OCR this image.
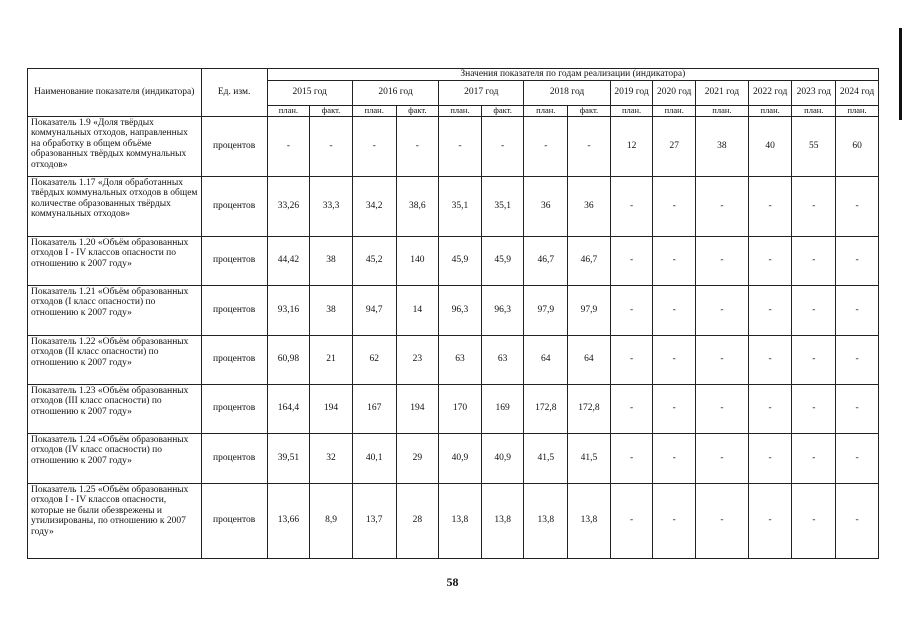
Наименование показателя (индикатора)	Ед. изм.	Значения показателя по годам реализации (индикатора)													
		2015 год		2016 год		2017 год		2018 год		2019 год	2020 год	2021 год	2022 год	2023 год	2024 год
		план.	факт.	план.	факт.	план.	факт.	план.	факт.	план.	план.	план.	план.	план.	план.
Показатель 1.9 «Доля твёрдых коммунальных отходов, направленных на обработку в общем объёме образованных твёрдых коммунальных отходов»	процентов	-	-	-	-	-	-	-	-	12	27	38	40	55	60
Показатель 1.17 «Доля обработанных твёрдых коммунальных отходов в общем количестве образованных твёрдых коммунальных отходов»	процентов	33,26	33,3	34,2	38,6	35,1	35,1	36	36	-	-	-	-	-	-
Показатель 1.20 «Объём образованных отходов I - IV классов опасности по отношению к 2007 году»	процентов	44,42	38	45,2	140	45,9	45,9	46,7	46,7	-	-	-	-	-	-
Показатель 1.21 «Объём образованных отходов (I класс опасности) по отношению к 2007 году»	процентов	93,16	38	94,7	14	96,3	96,3	97,9	97,9	-	-	-	-	-	-
Показатель 1.22 «Объём образованных отходов (II класс опасности) по отношению к 2007 году»	процентов	60,98	21	62	23	63	63	64	64	-	-	-	-	-	-
Показатель 1.23 «Объём образованных отходов (III класс опасности) по отношению к 2007 году»	процентов	164,4	194	167	194	170	169	172,8	172,8	-	-	-	-	-	-
Показатель 1.24 «Объём образованных отходов (IV класс опасности) по отношению к 2007 году»	процентов	39,51	32	40,1	29	40,9	40,9	41,5	41,5	-	-	-	-	-	-
Показатель 1.25 «Объём образованных отходов I - IV классов опасности, которые не были обезврежены и утилизированы, по отношению к 2007 году»	процентов	13,66	8,9	13,7	28	13,8	13,8	13,8	13,8	-	-	-	-	-	-
58
